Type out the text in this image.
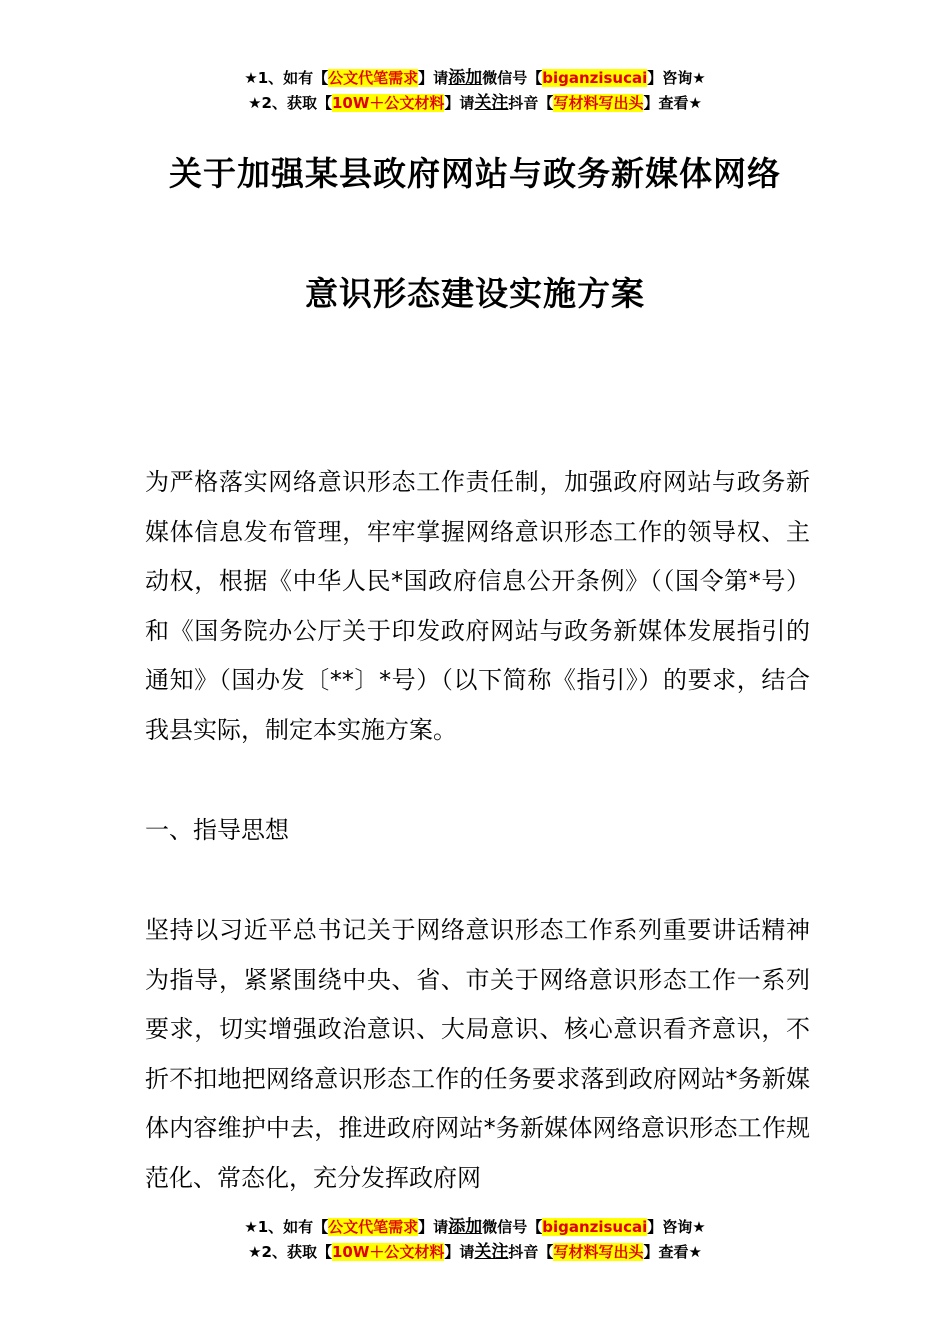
★1、如有【公文代笔需求】请添加微信号【biganzisucai】咨询★
★2、获取【10W＋公文材料】请关注抖音【写材料写出头】查看★
关于加强某县政府网站与政务新媒体网络
意识形态建设实施方案

为严格落实网络意识形态工作责任制，加强政府网站与政务新媒体信息发布管理，牢牢掌握网络意识形态工作的领导权、主动权，根据《中华人民*国政府信息公开条例》（（国令第*号）和《国务院办公厅关于印发政府网站与政务新媒体发展指引的通知》（国办发〔**〕*号）（以下简称《指引》）的要求，结合我县实际，制定本实施方案。

一、指导思想

坚持以习近平总书记关于网络意识形态工作系列重要讲话精神为指导，紧紧围绕中央、省、市关于网络意识形态工作一系列要求，切实增强政治意识、大局意识、核心意识看齐意识，不折不扣地把网络意识形态工作的任务要求落到政府网站*务新媒体内容维护中去，推进政府网站*务新媒体网络意识形态工作规范化、常态化，充分发挥政府网

★1、如有【公文代笔需求】请添加微信号【biganzisucai】咨询★
★2、获取【10W＋公文材料】请关注抖音【写材料写出头】查看★
